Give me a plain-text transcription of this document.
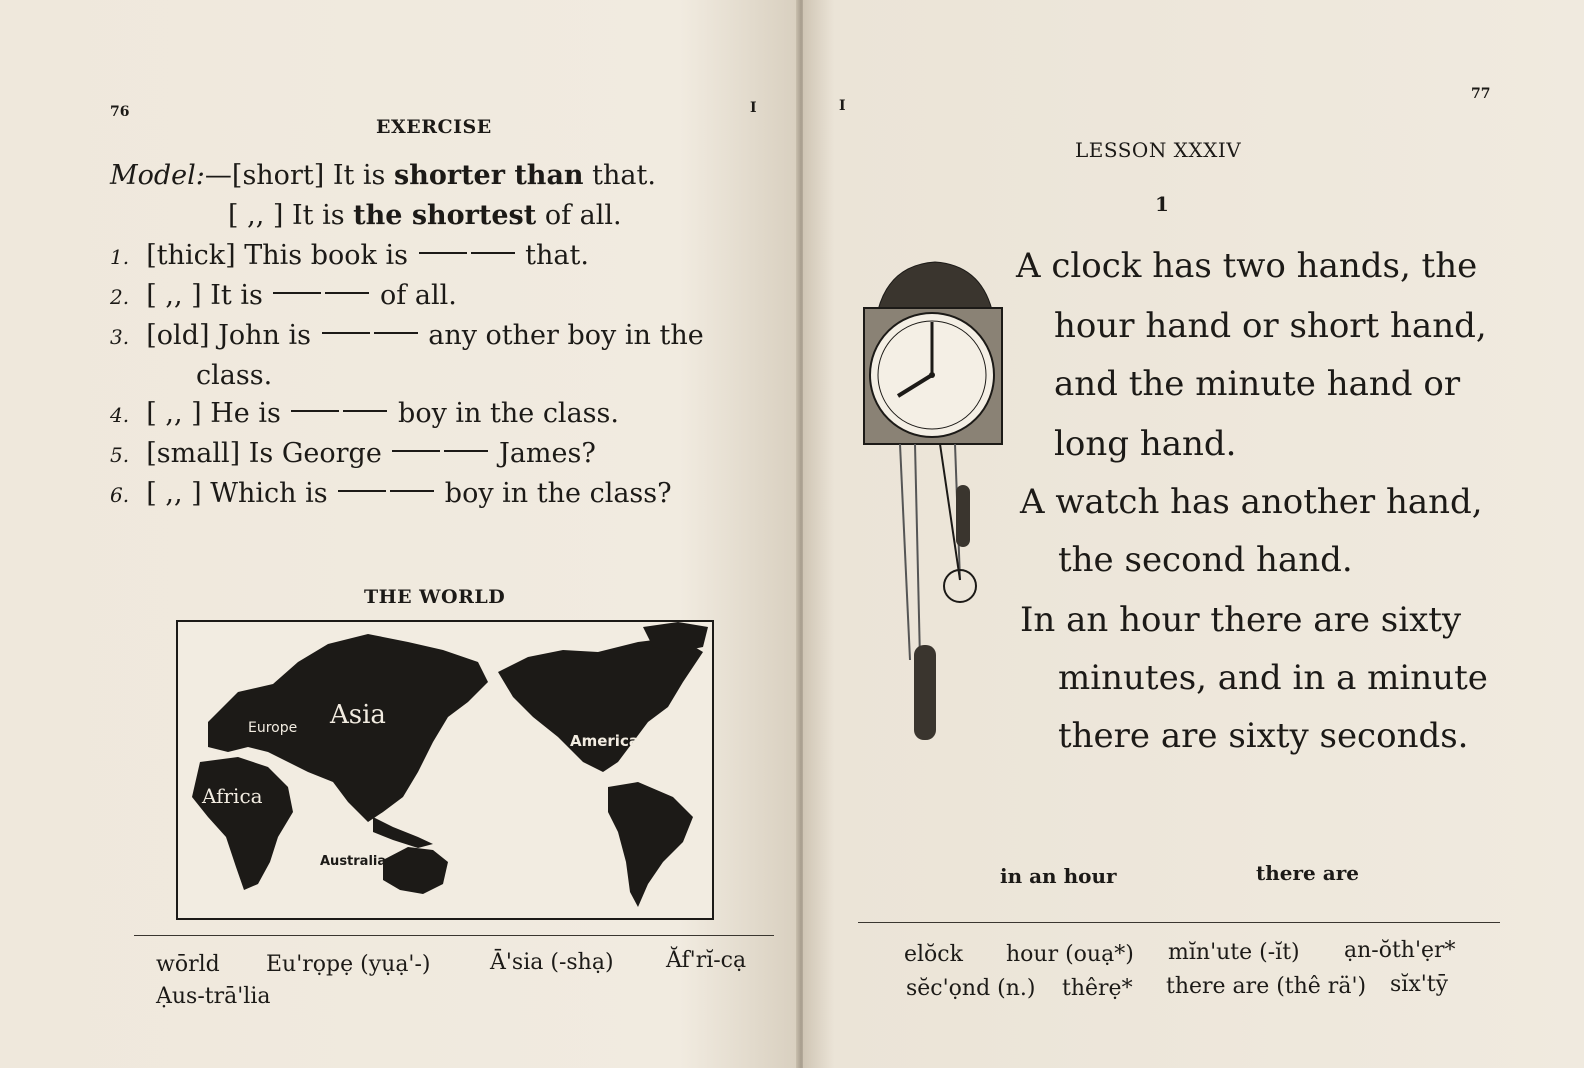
76	I
EXERCISE
Model:—[short] It is shorter than that.
[ ,, ] It is the shortest of all.
1. [thick] This book is	that.
2. [ ,, ] It is	of all.
3. [old] John is	any other boy in the
class.
4. [ ,, ] He is	boy in the class.
5. [small] Is George	James?
6. [ ,, ] Which is	boy in the class?
THE WORLD
Europe Asia
America
Africa
Australia
wōrld Eu'rọpẹ (yụạ'-)	Ā'sia (-shạ) Ăf'rĭ-cạ
Ạus-trā'lia
I
77
LESSON XXXIV
1
A clock has two hands, the
hour hand or short hand,
and the minute hand or
long hand.
A watch has another hand,
the second hand.
In an hour there are sixty
minutes, and in a minute
there are sixty seconds.
in an hour	there are
elŏck hour (ouạ*) mĭn'ute (-ĭt) ạn-ŏth'ẹr*
sĕc'ọnd (n.) thêrẹ* there are (thê rä') sĭx'tȳ
